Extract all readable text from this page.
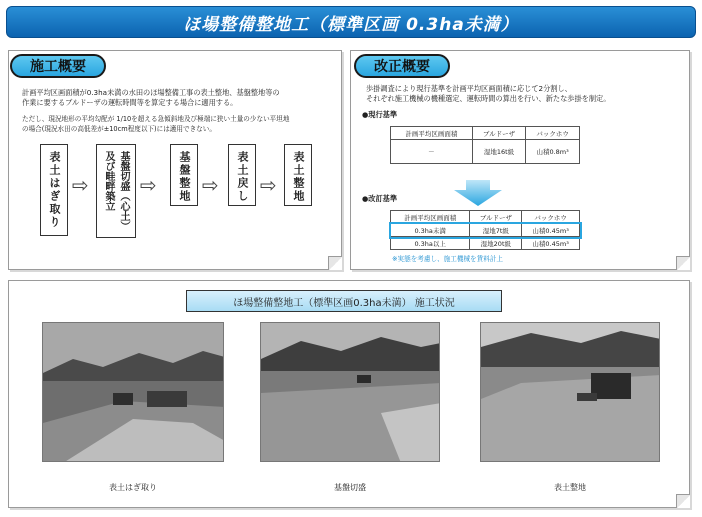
ほ場整備整地工（標準区画 0.3ha未満）
施工概要
計画平均区画面積が0.3ha未満の水田のほ場整備工事の表土整地、基盤整地等の
作業に要するブルドーザの運転時間等を算定する場合に適用する。
ただし、現況地形の平均勾配が 1/10を超える急傾斜地及び極端に狭い土量の少ない平坦地
の場合(現況水田の高低差が±10cm程度以下)には適用できない。
表土はぎ取り ⇨	基盤切盛（心土）及び畦畔築立	⇨ 基盤整地 ⇨ 表土戻し ⇨ 表土整地
改正概要
歩掛調査により現行基準を計画平均区画面積に応じて2分割し、
それぞれ施工機械の機種選定、運転時間の算出を行い、新たな歩掛を制定。
●現行基準
計画平均区画面積	ブルドーザ	バックホウ
－	湿地16t級	山積0.8m³
●改訂基準
計画平均区画面積	ブルドーザ	バックホウ
0.3ha未満	湿地7t級	山積0.45m³
0.3ha以上	湿地20t級	山積0.45m³
※実態を考慮し、施工機械を賃料計上
ほ場整備整地工（標準区画0.3ha未満） 施工状況
表土はぎ取り	基盤切盛	表土整地
